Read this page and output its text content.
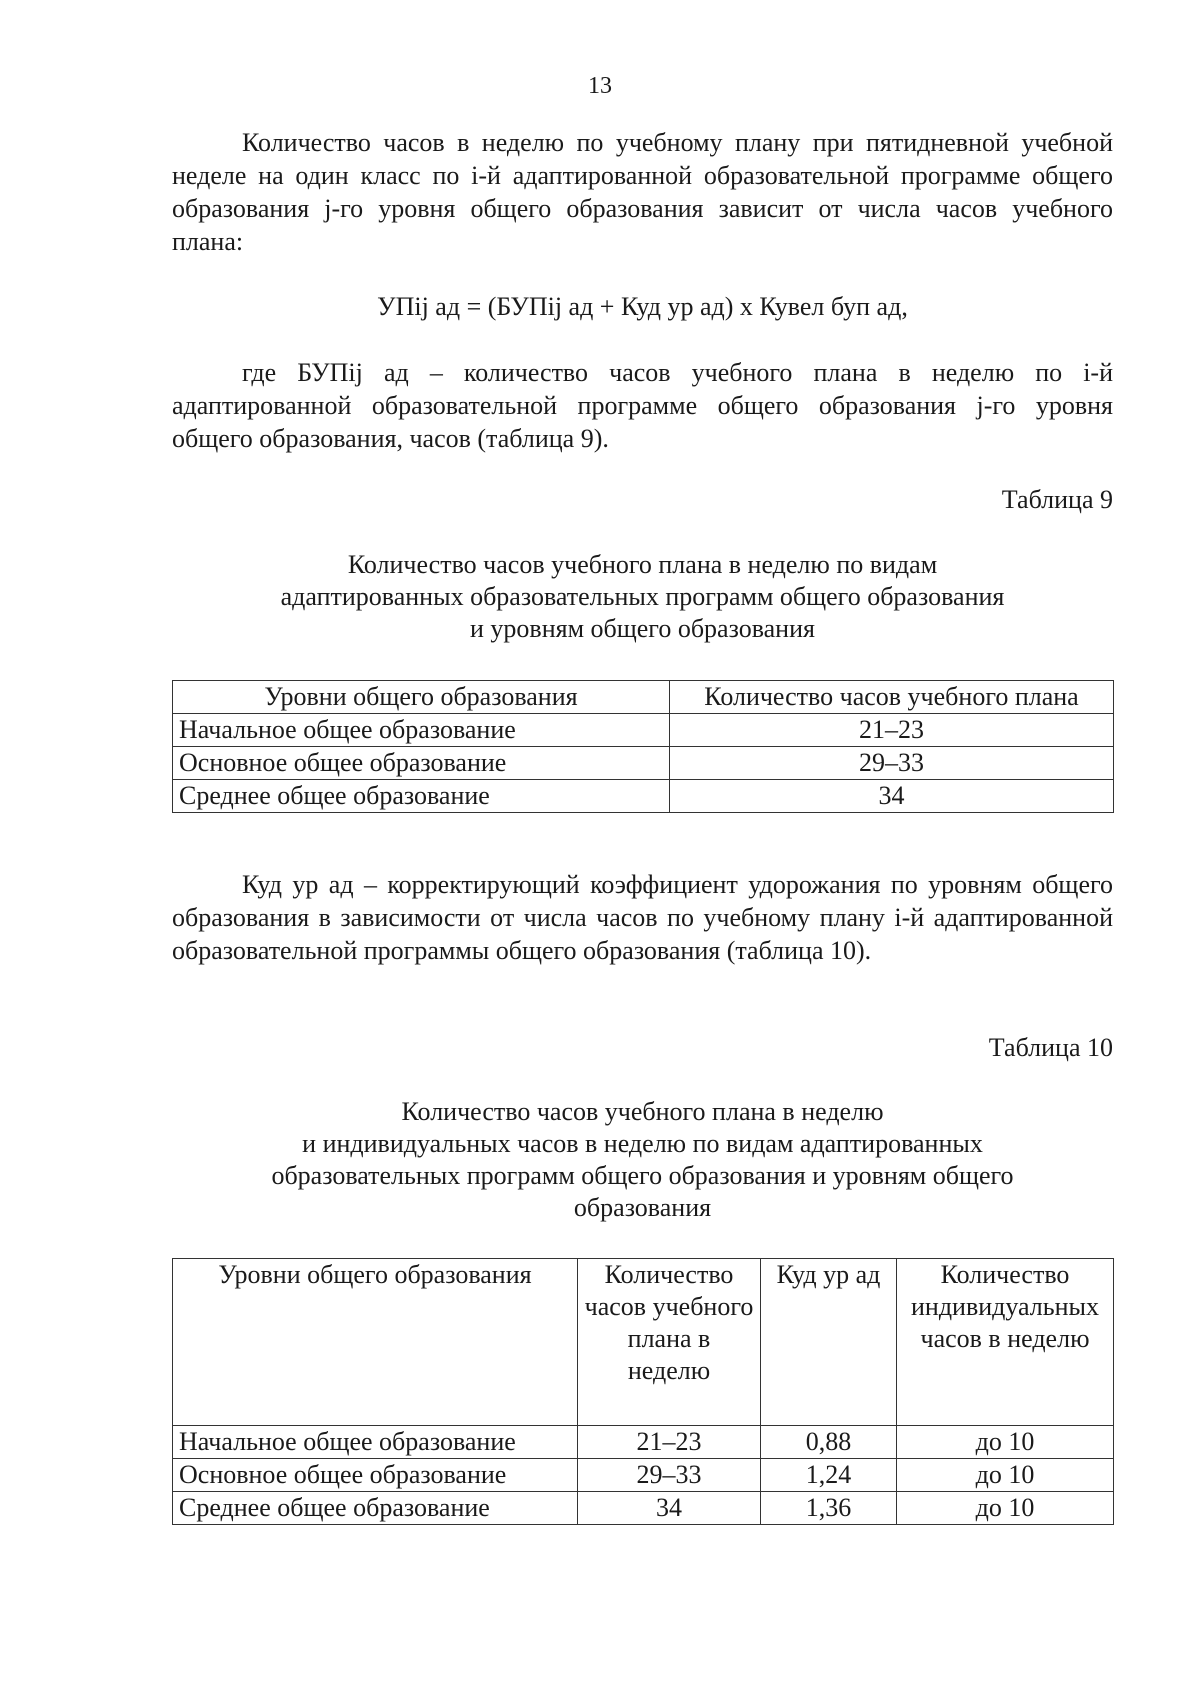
13

Количество часов в неделю по учебному плану при пятидневной учебной неделе на один класс по i-й адаптированной образовательной программе общего образования j-го уровня общего образования зависит от числа часов учебного плана:

УПij ад = (БУПij ад + Куд ур ад) х Кувел буп ад,

где БУПij ад – количество часов учебного плана в неделю по i-й адаптированной образовательной программе общего образования j-го уровня общего образования, часов (таблица 9).

Таблица 9

Количество часов учебного плана в неделю по видам

адаптированных образовательных программ общего образования

и уровням общего образования

Уровни общего образования	Количество часов учебного плана
Начальное общее образование	21–23
Основное общее образование	29–33
Среднее общее образование	34

Куд ур ад – корректирующий коэффициент удорожания по уровням общего образования в зависимости от числа часов по учебному плану i-й адаптированной образовательной программы общего образования (таблица 10).

Таблица 10

Количество часов учебного плана в неделю

и индивидуальных часов в неделю по видам адаптированных

образовательных программ общего образования и уровням общего

образования

Уровни общего образования	Количество часов учебного плана в неделю	Куд ур ад	Количество индивидуальных часов в неделю
Начальное общее образование	21–23	0,88	до 10
Основное общее образование	29–33	1,24	до 10
Среднее общее образование	34	1,36	до 10
